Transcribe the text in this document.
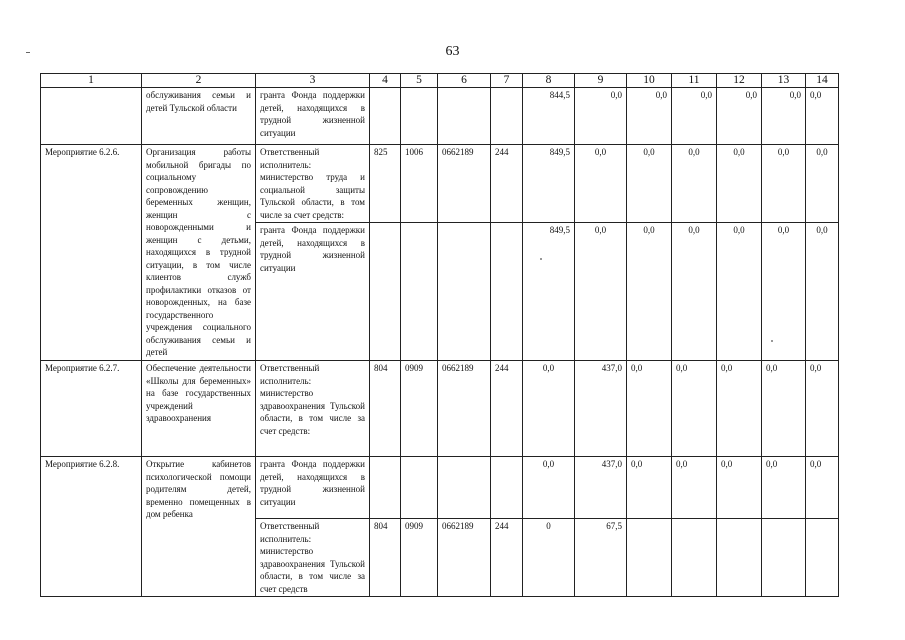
63
1	2	3	4	5	6	7	8	9	10	11	12	13	14
	обслуживания семьи и детей Тульской области	гранта Фонда поддержки детей, находящихся в трудной жизненной ситуации					844,5	0,0	0,0	0,0	0,0	0,0	0,0
Мероприятие 6.2.6.	Организация работы мобильной бригады по социальному сопровождению беременных женщин, женщин с новорожденными и женщин с детьми, находящихся в трудной ситуации, в том числе клиентов служб профилактики отказов от новорожденных, на базе государственного учреждения социального обслуживания семьи и детей	Ответственный исполнитель: министерство труда и социальной защиты Тульской области, в том числе за счет средств:	825	1006	0662189	244	849,5	0,0	0,0	0,0	0,0	0,0	0,0
		гранта Фонда поддержки детей, находящихся в трудной жизненной ситуации					849,5	0,0	0,0	0,0	0,0	0,0	0,0
Мероприятие 6.2.7.	Обеспечение деятельности «Школы для беременных» на базе государственных учреждений здравоохранения	Ответственный исполнитель: министерство здравоохранения Тульской области, в том числе за счет средств:	804	0909	0662189	244	0,0	437,0	0,0	0,0	0,0	0,0	0,0
Мероприятие 6.2.8.	Открытие кабинетов психологической помощи родителям детей, временно помещенных в дом ребенка	гранта Фонда поддержки детей, находящихся в трудной жизненной ситуации					0,0	437,0	0,0	0,0	0,0	0,0	0,0
		Ответственный исполнитель: министерство здравоохранения Тульской области, в том числе за счет средств	804	0909	0662189	244	0	67,5					
